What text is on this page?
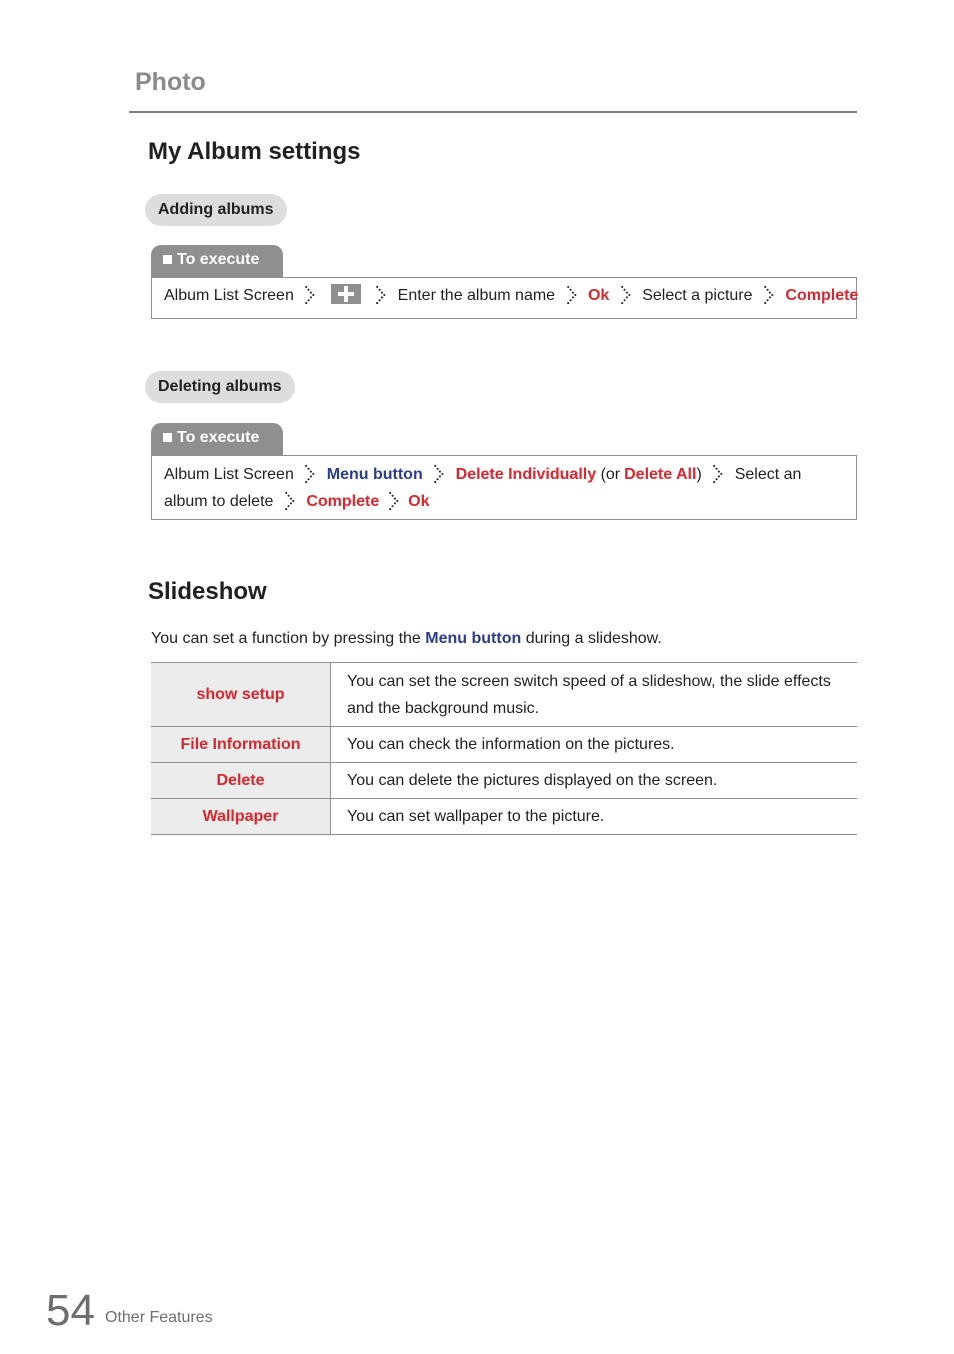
Photo
My Album settings
Adding albums
To execute
Album List Screen	Enter the album name Ok Select a picture Complete
Deleting albums
To execute
Album List Screen Menu button Delete Individually (or Delete All) Select an
album to delete Complete Ok
Slideshow
You can set a function by pressing the Menu button during a slideshow.
show setup	You can set the screen switch speed of a slideshow, the slide effects
and the background music.

File Information	You can check the information on the pictures.
Delete	You can delete the pictures displayed on the screen.
Wallpaper	You can set wallpaper to the picture.
54 Other Features
